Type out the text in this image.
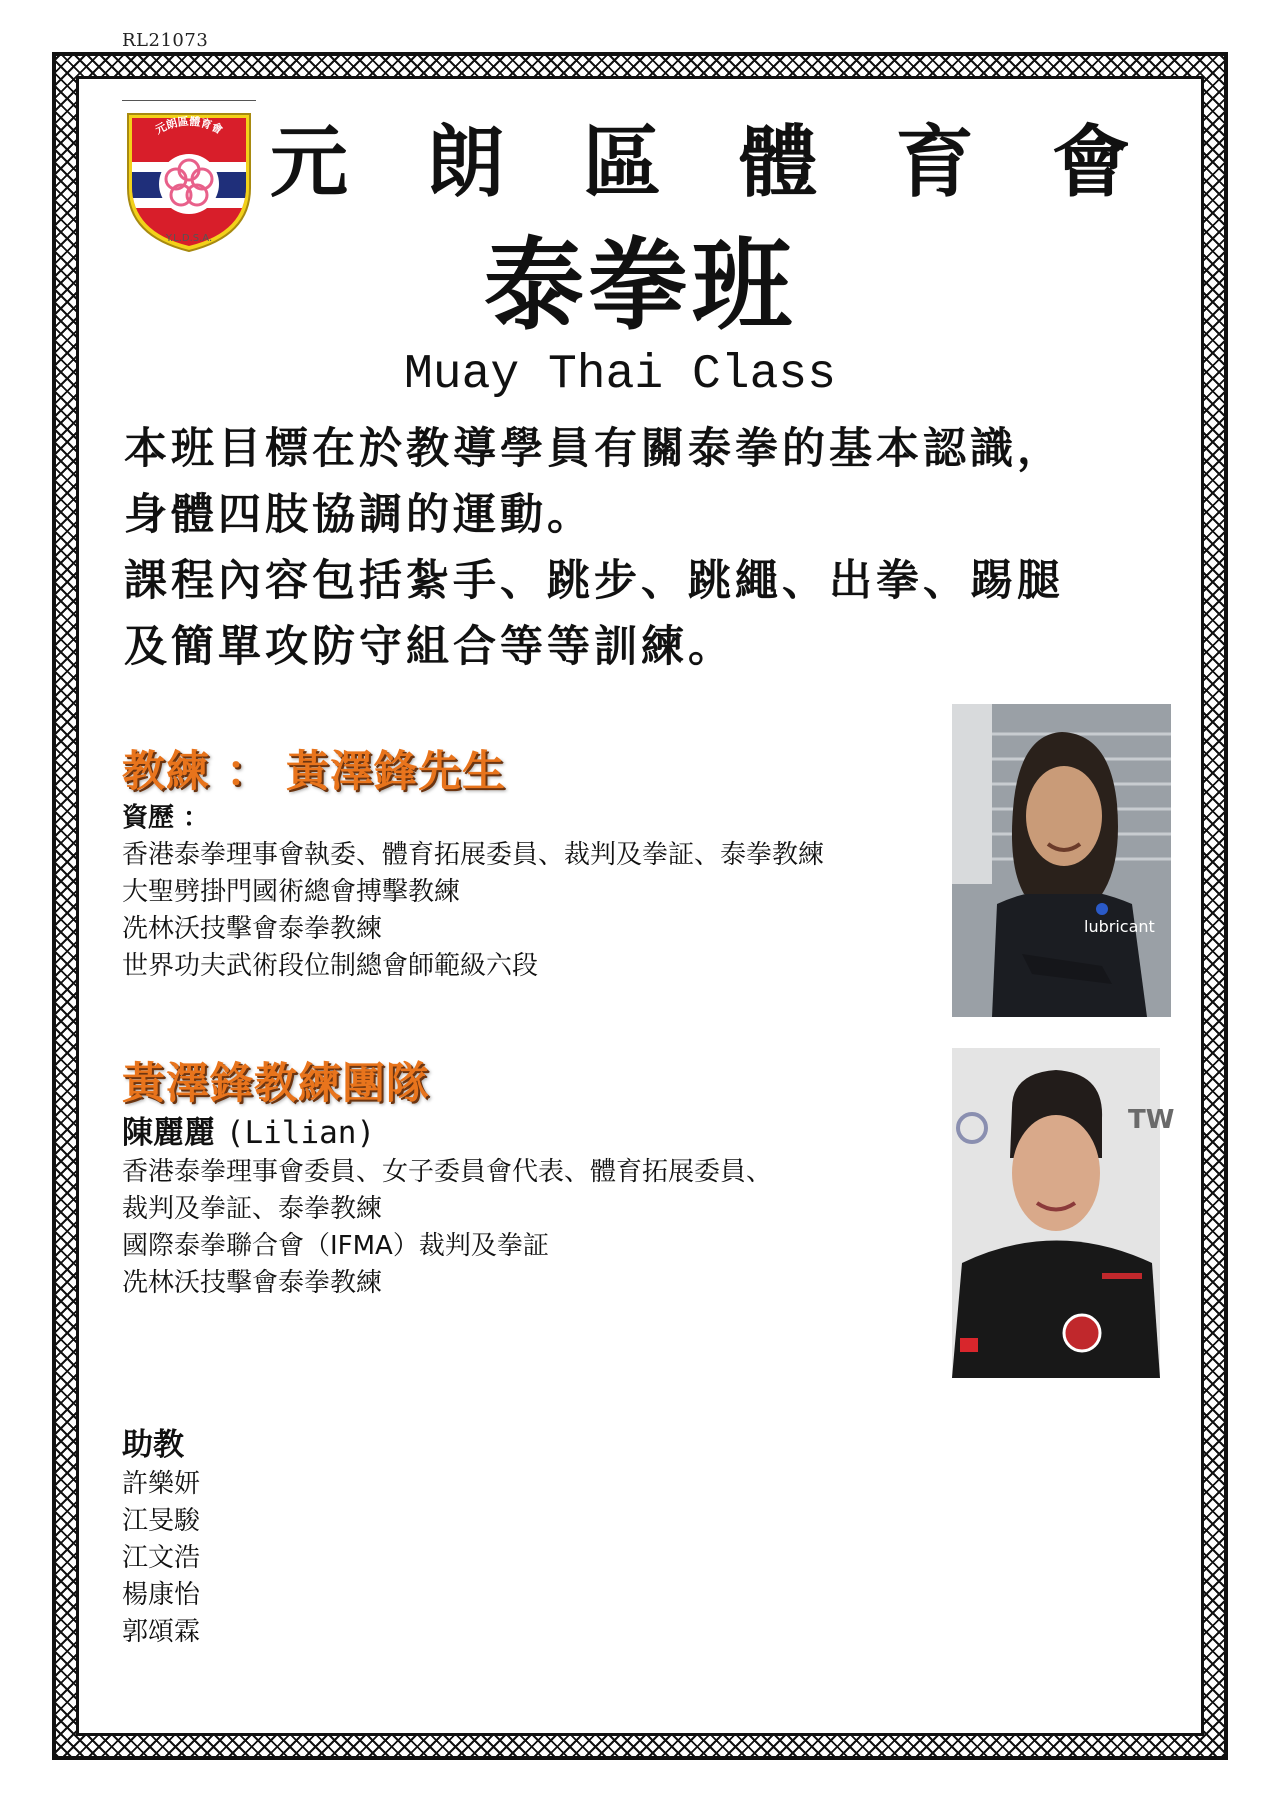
RL21073
元朗區體育會
Y.L.D.S.A.
元 朗 區 體 育 會
泰拳班
Muay Thai Class

本班目標在於教導學員有關泰拳的基本認識，

身體四肢協調的運動。

課程內容包括紮手、跳步、跳繩、出拳、踢腿

及簡單攻防守組合等等訓練。

教練 ： 黃澤鋒先生
資歷 ：
香港泰拳理事會執委、體育拓展委員、裁判及拳証、泰拳教練
大聖劈掛門國術總會搏擊教練
冼林沃技擊會泰拳教練
世界功夫武術段位制總會師範級六段
lubricant
黃澤鋒教練團隊
陳麗麗 (Lilian)
香港泰拳理事會委員、女子委員會代表、體育拓展委員、
裁判及拳証、泰拳教練
國際泰拳聯合會（IFMA）裁判及拳証
冼林沃技擊會泰拳教練
TW
助教
許樂妍
江旻駿
江文浩
楊康怡
郭頌霖
